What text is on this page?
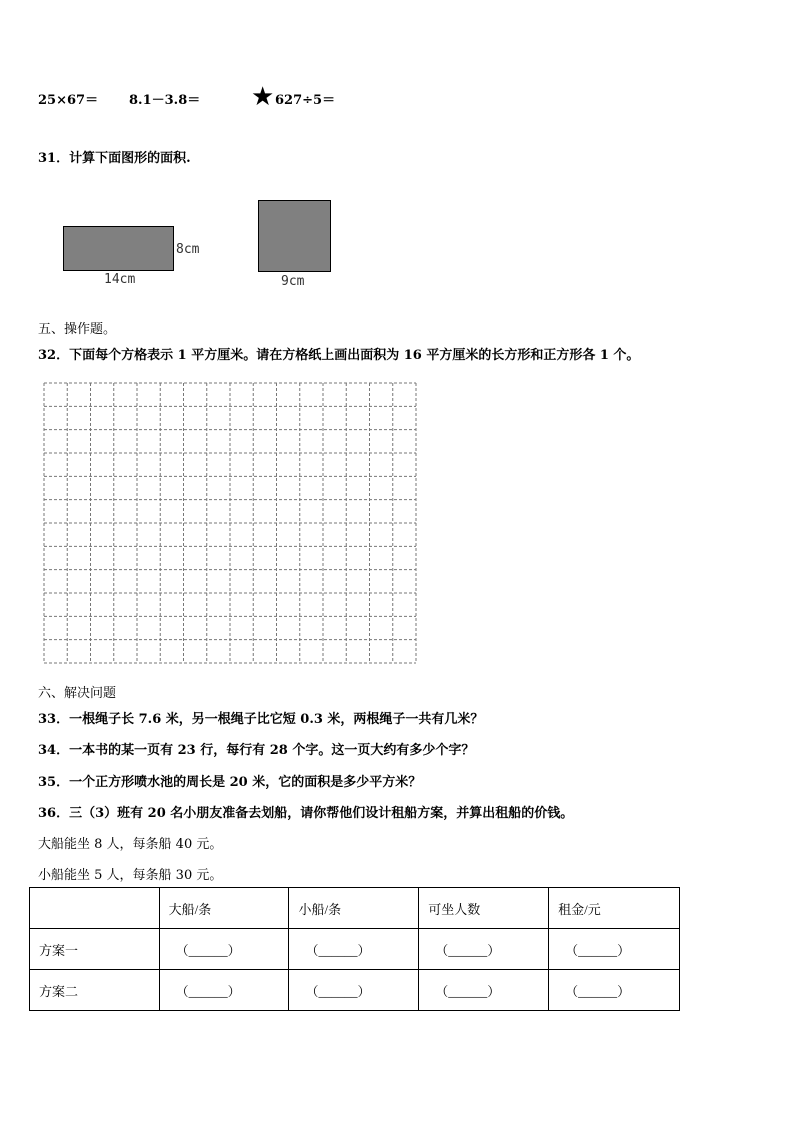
25×67＝ 8.1－3.8＝ ★ 627÷5＝
31．计算下面图形的面积.
8cm
14cm	9cm
五、操作题。
32．下面每个方格表示 1 平方厘米。请在方格纸上画出面积为 16 平方厘米的长方形和正方形各 1 个。
六、解决问题
33．一根绳子长 7.6 米，另一根绳子比它短 0.3 米，两根绳子一共有几米？
34．一本书的某一页有 23 行，每行有 28 个字。这一页大约有多少个字？
35．一个正方形喷水池的周长是 20 米，它的面积是多少平方米？
36．三（3）班有 20 名小朋友准备去划船，请你帮他们设计租船方案，并算出租船的价钱。
大船能坐 8 人，每条船 40 元。
小船能坐 5 人，每条船 30 元。
	大船/条	小船/条	可坐人数	租金/元
方案一	（______）	（______）	（______）	（______）
方案二	（______）	（______）	（______）	（______）
